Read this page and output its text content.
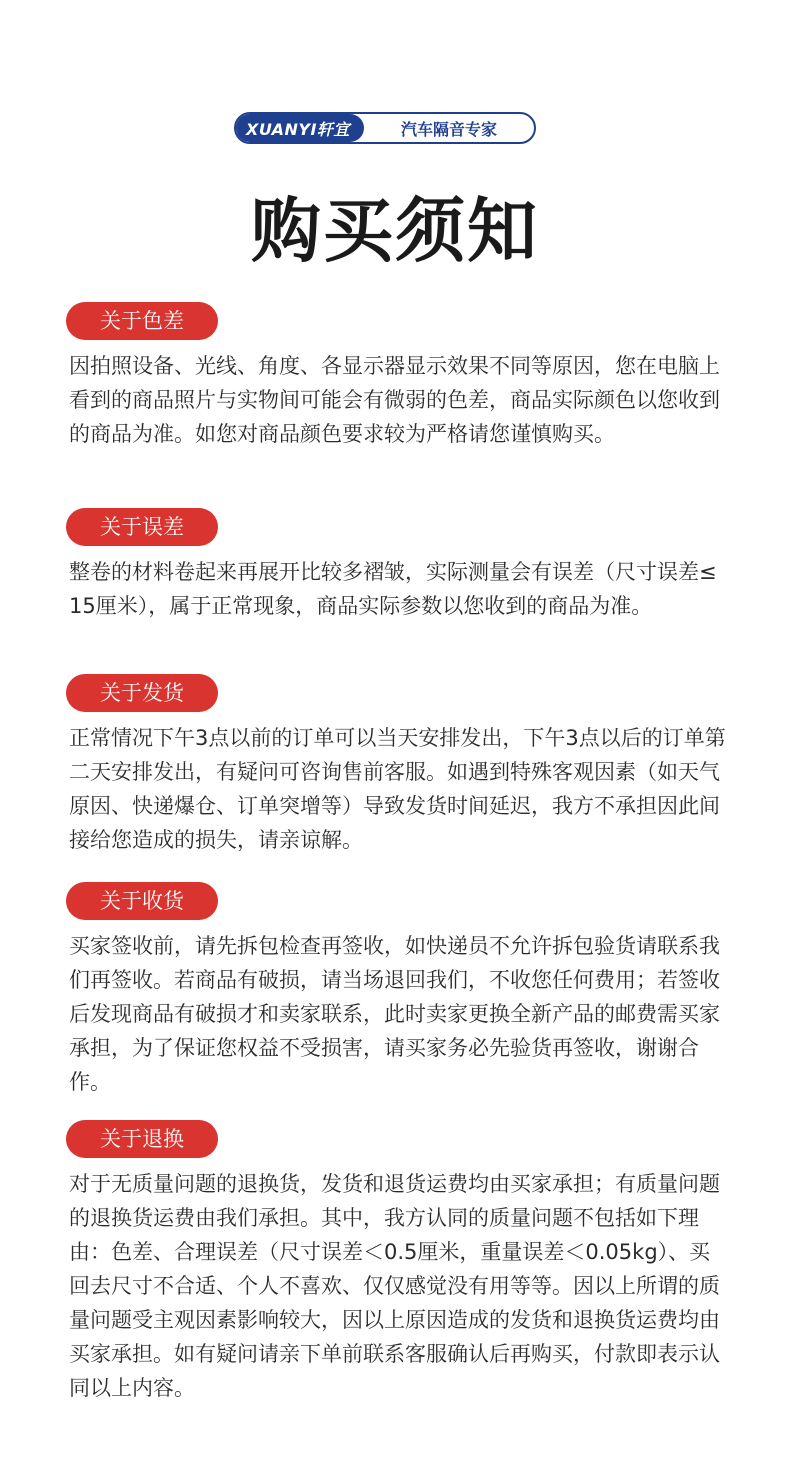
XUANYI轩宜	汽车隔音专家
购买须知
关于色差

因拍照设备、光线、角度、各显示器显示效果不同等原因，您在电脑上看到的商品照片与实物间可能会有微弱的色差，商品实际颜色以您收到的商品为准。如您对商品颜色要求较为严格请您谨慎购买。

关于误差

整卷的材料卷起来再展开比较多褶皱，实际测量会有误差（尺寸误差≤15厘米），属于正常现象，商品实际参数以您收到的商品为准。

关于发货

正常情况下午3点以前的订单可以当天安排发出，下午3点以后的订单第二天安排发出，有疑问可咨询售前客服。如遇到特殊客观因素（如天气原因、快递爆仓、订单突增等）导致发货时间延迟，我方不承担因此间接给您造成的损失，请亲谅解。

关于收货

买家签收前，请先拆包检查再签收，如快递员不允许拆包验货请联系我们再签收。若商品有破损，请当场退回我们，不收您任何费用；若签收后发现商品有破损才和卖家联系，此时卖家更换全新产品的邮费需买家承担，为了保证您权益不受损害，请买家务必先验货再签收，谢谢合作。

关于退换

对于无质量问题的退换货，发货和退货运费均由买家承担；有质量问题的退换货运费由我们承担。其中，我方认同的质量问题不包括如下理由：色差、合理误差（尺寸误差＜0.5厘米，重量误差＜0.05kg）、买回去尺寸不合适、个人不喜欢、仅仅感觉没有用等等。因以上所谓的质量问题受主观因素影响较大，因以上原因造成的发货和退换货运费均由买家承担。如有疑问请亲下单前联系客服确认后再购买，付款即表示认同以上内容。
